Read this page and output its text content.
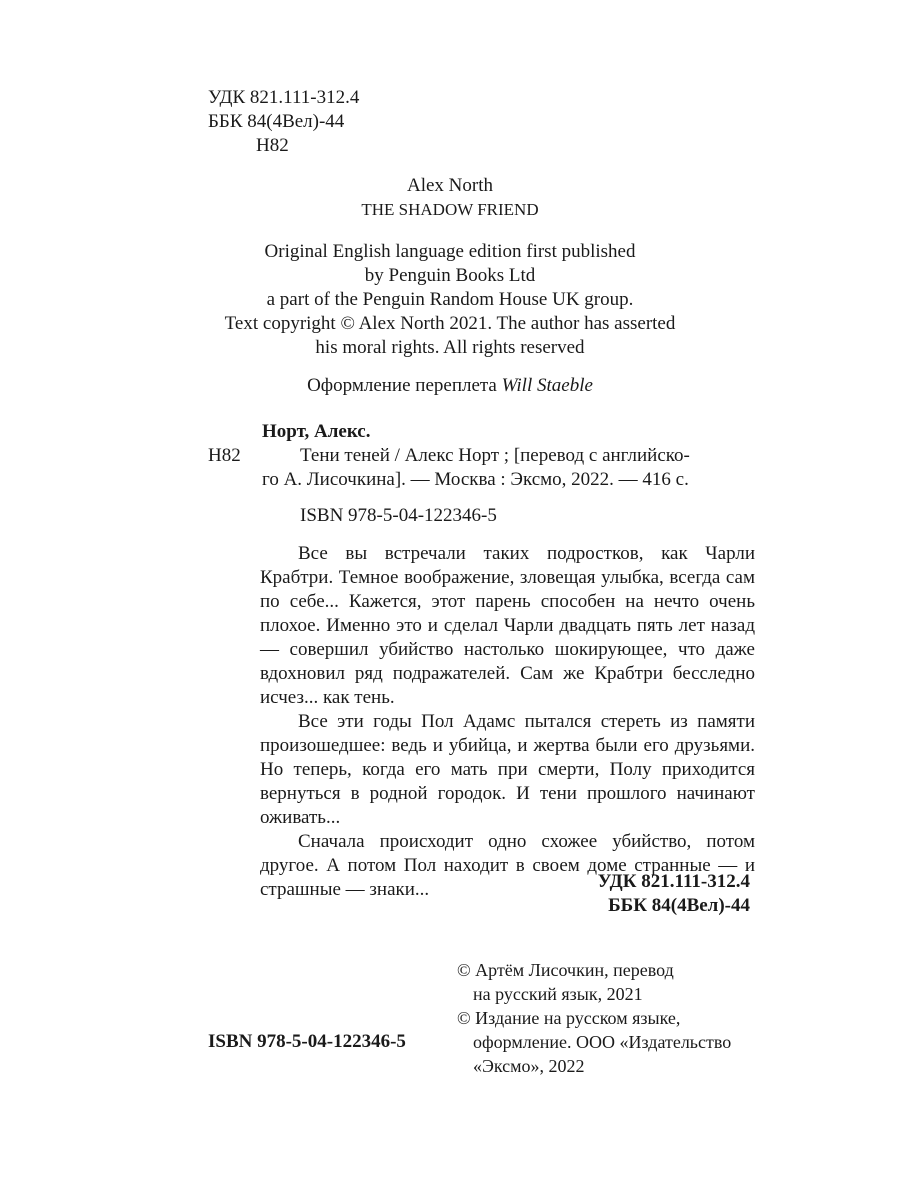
УДК 821.111-312.4
ББК 84(4Вел)-44
Н82
Alex North
THE SHADOW FRIEND
Original English language edition first published
by Penguin Books Ltd
a part of the Penguin Random House UK group.
Text copyright © Alex North 2021. The author has asserted
his moral rights. All rights reserved
Оформление переплета Will Staeble
Норт, Алекс.
Н82	Тени теней / Алекс Норт ; [перевод с английско-
го А. Лисочкина]. — Москва : Эксмо, 2022. — 416 с.
ISBN 978-5-04-122346-5

Все вы встречали таких подростков, как Чарли Крабтри. Темное воображение, зловещая улыбка, всегда сам по себе... Кажется, этот парень способен на нечто очень плохое. Именно это и сделал Чарли двадцать пять лет назад — совершил убийство настолько шокирующее, что даже вдохновил ряд подражателей. Сам же Крабтри бесследно исчез... как тень.

Все эти годы Пол Адамс пытался стереть из памяти произошедшее: ведь и убийца, и жертва были его друзьями. Но теперь, когда его мать при смерти, Полу приходится вернуться в родной городок. И тени прошлого начинают оживать...

Сначала происходит одно схожее убийство, потом другое. А потом Пол находит в своем доме странные — и страшные — знаки...	УДК 821.111-312.4
ББК 84(4Вел)-44
© Артём Лисочкин, перевод
на русский язык, 2021
© Издание на русском языке,
оформление. ООО «Издательство
«Эксмо», 2022
ISBN 978-5-04-122346-5
